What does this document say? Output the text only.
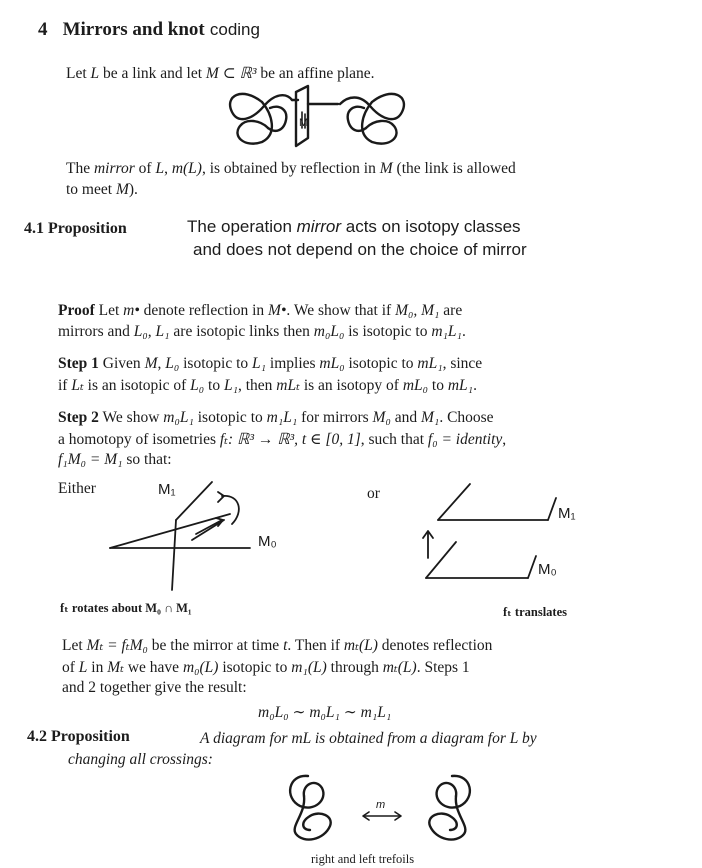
4 Mirrors and knot coding
Let L be a link and let M ⊂ ℝ³ be an affine plane.
M
The mirror of L, m(L), is obtained by reflection in M (the link is allowed
to meet M).
4.1 Proposition	The operation mirror acts on isotopy classes
and does not depend on the choice of mirror
Proof Let m• denote reflection in M•. We show that if M₀, M₁ are
mirrors and L₀, L₁ are isotopic links then m₀L₀ is isotopic to m₁L₁.
Step 1 Given M, L₀ isotopic to L₁ implies mL₀ isotopic to mL₁, since
if Lₜ is an isotopic of L₀ to L₁, then mLₜ is an isotopy of mL₀ to mL₁.
Step 2 We show m₀L₁ isotopic to m₁L₁ for mirrors M₀ and M₁. Choose
a homotopy of isometries fₜ: ℝ³ → ℝ³, t ∈ [0, 1], such that f₀ = identity,
f₁M₀ = M₁ so that:
Either	or
M₁
M₀
M₁
M₀
fₜ rotates about M₀ ∩ M₁	fₜ translates
Let Mₜ = fₜM₀ be the mirror at time t. Then if mₜ(L) denotes reflection
of L in Mₜ we have m₀(L) isotopic to m₁(L) through mₜ(L). Steps 1
and 2 together give the result:
m₀L₀ ∼ m₀L₁ ∼ m₁L₁
4.2 Proposition	A diagram for mL is obtained from a diagram for L by
changing all crossings:
m
right and left trefoils
